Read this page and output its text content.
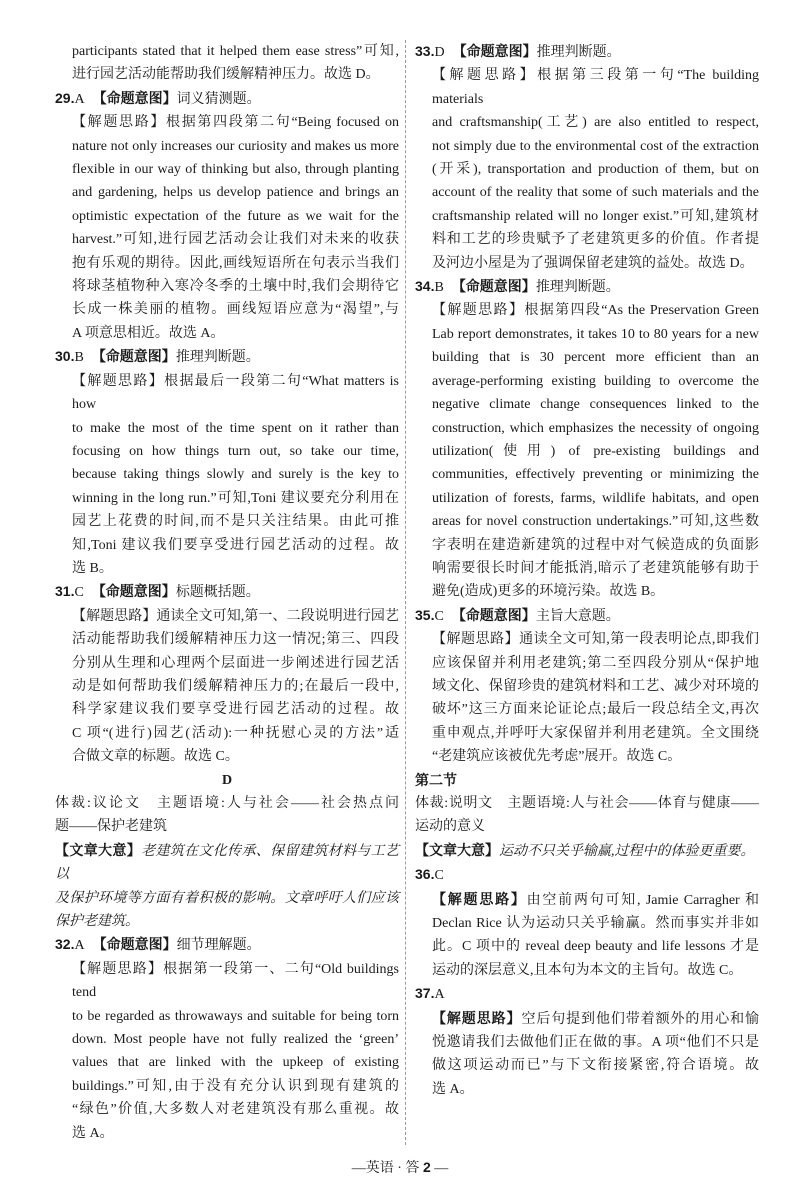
participants stated that it helped them ease stress”可知,
进行园艺活动能帮助我们缓解精神压力。故选 D。
29.A 【命题意图】词义猜测题。
【解题思路】根据第四段第二句“Being focused on
nature not only increases our curiosity and makes us more
flexible in our way of thinking but also, through planting
and gardening, helps us develop patience and brings an
optimistic expectation of the future as we wait for the
harvest.”可知,进行园艺活动会让我们对未来的收获
抱有乐观的期待。因此,画线短语所在句表示当我们
将球茎植物种入寒冷冬季的土壤中时,我们会期待它
长成一株美丽的植物。画线短语应意为“渴望”,与
A 项意思相近。故选 A。
30.B 【命题意图】推理判断题。
【解题思路】根据最后一段第二句“What matters is how
to make the most of the time spent on it rather than
focusing on how things turn out, so take our time,
because taking things slowly and surely is the key to
winning in the long run.”可知,Toni 建议要充分利用在
园艺上花费的时间,而不是只关注结果。由此可推
知,Toni 建议我们要享受进行园艺活动的过程。故
选 B。
31.C 【命题意图】标题概括题。
【解题思路】通读全文可知,第一、二段说明进行园艺
活动能帮助我们缓解精神压力这一情况;第三、四段
分别从生理和心理两个层面进一步阐述进行园艺活
动是如何帮助我们缓解精神压力的;在最后一段中,
科学家建议我们要享受进行园艺活动的过程。故
C 项“(进行)园艺(活动):一种抚慰心灵的方法”适
合做文章的标题。故选 C。
D
体裁:议论文　主题语境:人与社会——社会热点问
题——保护老建筑
【文章大意】老建筑在文化传承、保留建筑材料与工艺以
及保护环境等方面有着积极的影响。文章呼吁人们应该
保护老建筑。
32.A 【命题意图】细节理解题。
【解题思路】根据第一段第一、二句“Old buildings tend
to be regarded as throwaways and suitable for being torn
down. Most people have not fully realized the ‘green’
values that are linked with the upkeep of existing
buildings.”可知,由于没有充分认识到现有建筑的
“绿色”价值,大多数人对老建筑没有那么重视。故
选 A。
33.D 【命题意图】推理判断题。
【解题思路】根据第三段第一句“The building materials
and craftsmanship(工艺) are also entitled to respect,
not simply due to the environmental cost of the extraction
(开采), transportation and production of them, but on
account of the reality that some of such materials and the
craftsmanship related will no longer exist.”可知,建筑材
料和工艺的珍贵赋予了老建筑更多的价值。作者提
及河边小屋是为了强调保留老建筑的益处。故选 D。
34.B 【命题意图】推理判断题。
【解题思路】根据第四段“As the Preservation Green
Lab report demonstrates, it takes 10 to 80 years for a new
building that is 30 percent more efficient than an
average-performing existing building to overcome the
negative climate change consequences linked to the
construction, which emphasizes the necessity of ongoing
utilization(使用) of pre-existing buildings and
communities, effectively preventing or minimizing the
utilization of forests, farms, wildlife habitats, and open
areas for novel construction undertakings.”可知,这些数
字表明在建造新建筑的过程中对气候造成的负面影
响需要很长时间才能抵消,暗示了老建筑能够有助于
避免(造成)更多的环境污染。故选 B。
35.C 【命题意图】主旨大意题。
【解题思路】通读全文可知,第一段表明论点,即我们
应该保留并利用老建筑;第二至四段分别从“保护地
域文化、保留珍贵的建筑材料和工艺、减少对环境的
破坏”这三方面来论证论点;最后一段总结全文,再次
重申观点,并呼吁大家保留并利用老建筑。全文围绕
“老建筑应该被优先考虑”展开。故选 C。
第二节
体裁:说明文　主题语境:人与社会——体育与健康——
运动的意义
【文章大意】运动不只关乎输赢,过程中的体验更重要。
36.C
【解题思路】由空前两句可知, Jamie Carragher 和
Declan Rice 认为运动只关乎输赢。然而事实并非如
此。C 项中的 reveal deep beauty and life lessons 才是
运动的深层意义,且本句为本文的主旨句。故选 C。
37.A
【解题思路】空后句提到他们带着额外的用心和愉
悦邀请我们去做他们正在做的事。A 项“他们不只是
做这项运动而已”与下文衔接紧密,符合语境。故
选 A。
—英语 · 答 2 —
